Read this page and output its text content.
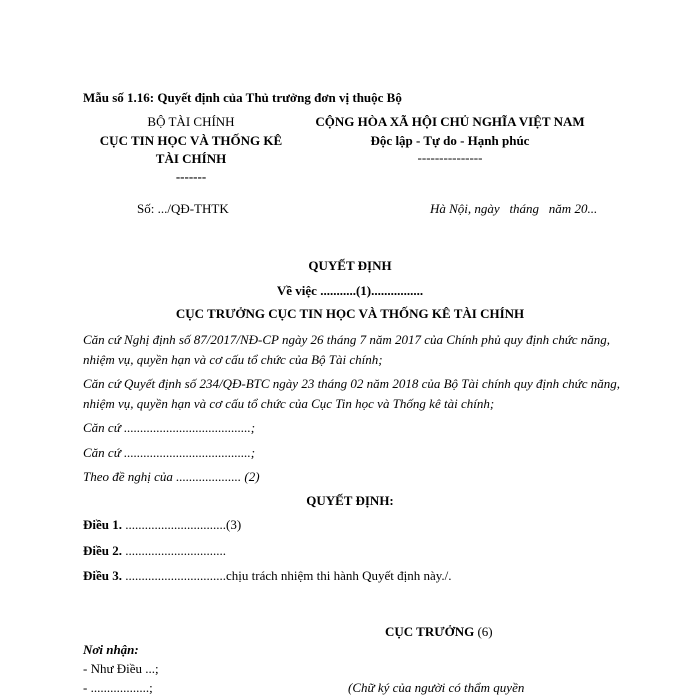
Mẫu số 1.16: Quyết định của Thủ trưởng đơn vị thuộc Bộ
BỘ TÀI CHÍNH
CỤC TIN HỌC VÀ THỐNG KÊ
TÀI CHÍNH
-------
Số: .../QĐ-THTK
CỘNG HÒA XÃ HỘI CHỦ NGHĨA VIỆT NAM
Độc lập - Tự do - Hạnh phúc
---------------
Hà Nội, ngày   tháng   năm 20...
QUYẾT ĐỊNH
Về việc ...........(1)................
CỤC TRƯỞNG CỤC TIN HỌC VÀ THỐNG KÊ TÀI CHÍNH
Căn cứ Nghị định số 87/2017/NĐ-CP ngày 26 tháng 7 năm 2017 của Chính phủ quy định chức năng, nhiệm vụ, quyền hạn và cơ cấu tổ chức của Bộ Tài chính;
Căn cứ Quyết định số 234/QĐ-BTC ngày 23 tháng 02 năm 2018 của Bộ Tài chính quy định chức năng, nhiệm vụ, quyền hạn và cơ cấu tổ chức của Cục Tin học và Thống kê tài chính;
Căn cứ .......................................;
Căn cứ .......................................;
Theo đề nghị của .................... (2)
QUYẾT ĐỊNH:
Điều 1. ...............................(3)
Điều 2. ...............................
Điều 3. ...............................chịu trách nhiệm thi hành Quyết định này./.
CỤC TRƯỞNG (6)
Nơi nhận:
- Như Điều ...;
- ..................;	(Chữ ký của người có thẩm quyền
